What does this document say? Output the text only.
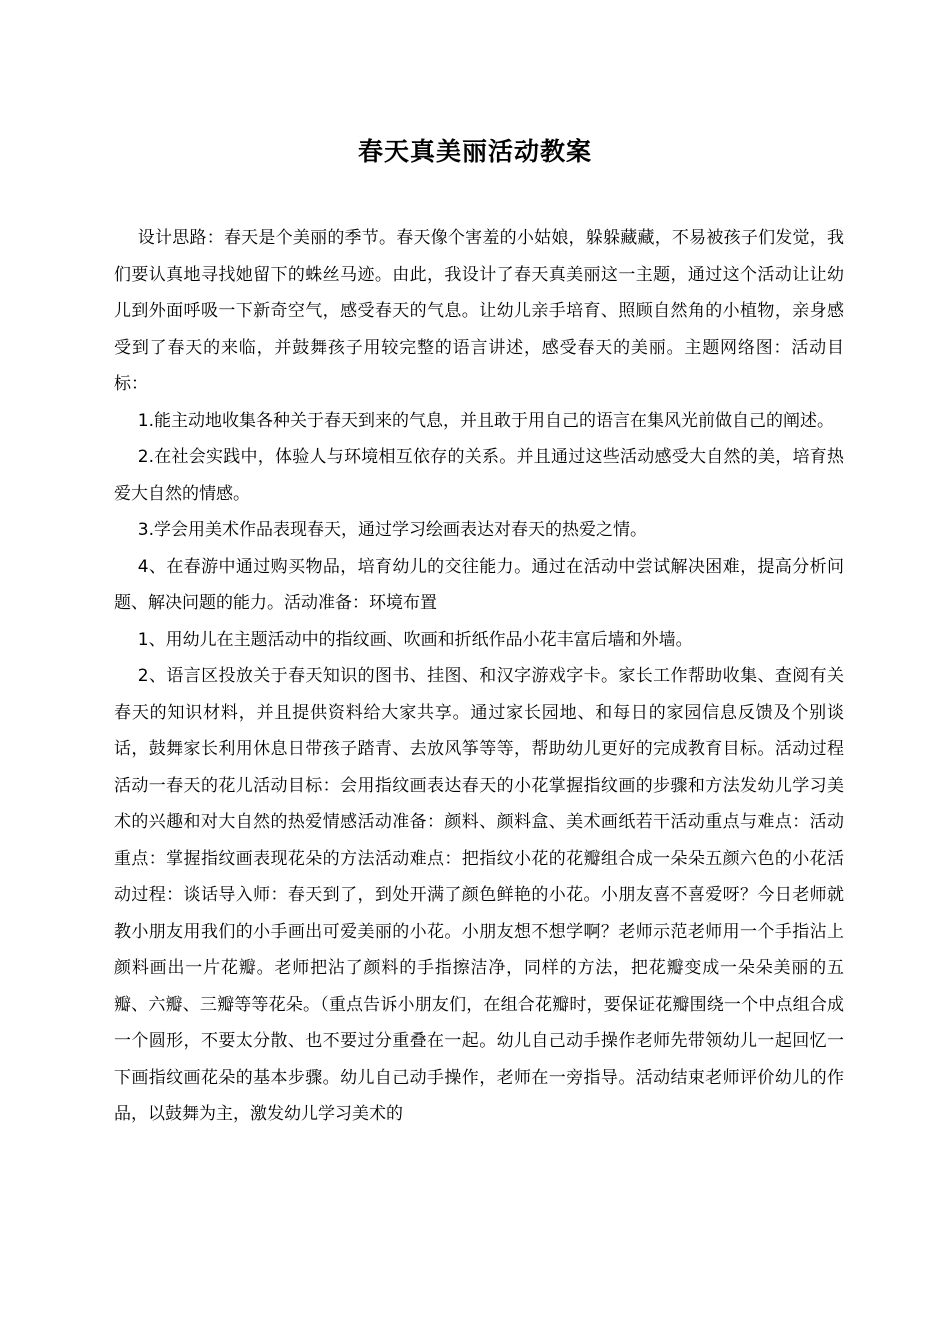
春天真美丽活动教案

设计思路：春天是个美丽的季节。春天像个害羞的小姑娘，躲躲藏藏，不易被孩子们发觉，我们要认真地寻找她留下的蛛丝马迹。由此，我设计了春天真美丽这一主题，通过这个活动让让幼儿到外面呼吸一下新奇空气，感受春天的气息。让幼儿亲手培育、照顾自然角的小植物，亲身感受到了春天的来临，并鼓舞孩子用较完整的语言讲述，感受春天的美丽。主题网络图：活动目标：

1.能主动地收集各种关于春天到来的气息，并且敢于用自己的语言在集风光前做自己的阐述。

2.在社会实践中，体验人与环境相互依存的关系。并且通过这些活动感受大自然的美，培育热爱大自然的情感。

3.学会用美术作品表现春天，通过学习绘画表达对春天的热爱之情。

4、在春游中通过购买物品，培育幼儿的交往能力。通过在活动中尝试解决困难，提高分析问题、解决问题的能力。活动准备：环境布置

1、用幼儿在主题活动中的指纹画、吹画和折纸作品小花丰富后墙和外墙。

2、语言区投放关于春天知识的图书、挂图、和汉字游戏字卡。家长工作帮助收集、查阅有关春天的知识材料，并且提供资料给大家共享。通过家长园地、和每日的家园信息反馈及个别谈话，鼓舞家长利用休息日带孩子踏青、去放风筝等等，帮助幼儿更好的完成教育目标。活动过程活动一春天的花儿活动目标：会用指纹画表达春天的小花掌握指纹画的步骤和方法发幼儿学习美术的兴趣和对大自然的热爱情感活动准备：颜料、颜料盒、美术画纸若干活动重点与难点：活动重点：掌握指纹画表现花朵的方法活动难点：把指纹小花的花瓣组合成一朵朵五颜六色的小花活动过程：谈话导入师：春天到了，到处开满了颜色鲜艳的小花。小朋友喜不喜爱呀？今日老师就教小朋友用我们的小手画出可爱美丽的小花。小朋友想不想学啊？老师示范老师用一个手指沾上颜料画出一片花瓣。老师把沾了颜料的手指擦洁净，同样的方法，把花瓣变成一朵朵美丽的五瓣、六瓣、三瓣等等花朵。（重点告诉小朋友们，在组合花瓣时，要保证花瓣围绕一个中点组合成一个圆形，不要太分散、也不要过分重叠在一起。幼儿自己动手操作老师先带领幼儿一起回忆一下画指纹画花朵的基本步骤。幼儿自己动手操作，老师在一旁指导。活动结束老师评价幼儿的作品，以鼓舞为主，激发幼儿学习美术的
